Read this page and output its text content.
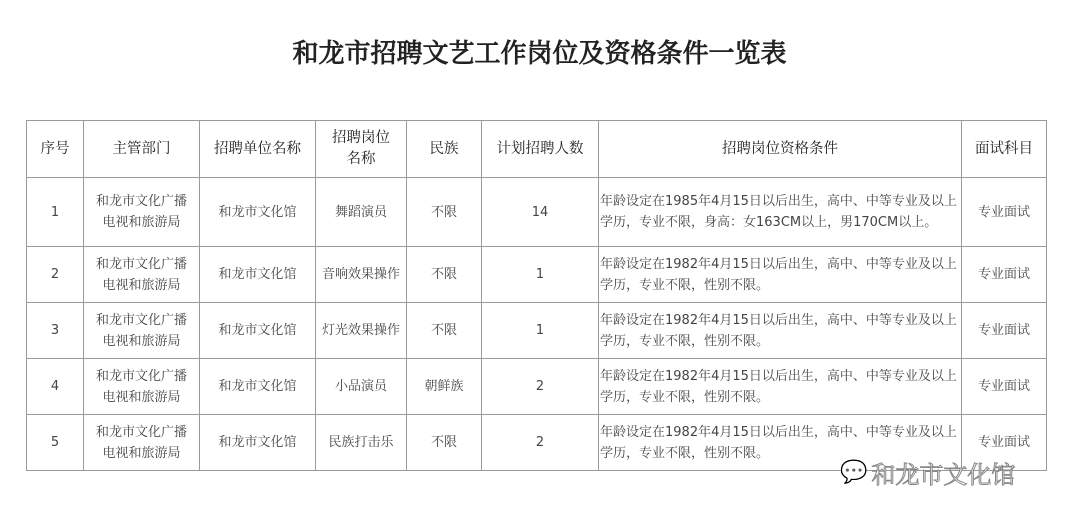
和龙市招聘文艺工作岗位及资格条件一览表
序号	主管部门	招聘单位名称	招聘岗位名称	民族	计划招聘人数	招聘岗位资格条件	面试科目
1	和龙市文化广播电视和旅游局	和龙市文化馆	舞蹈演员	不限	14	年龄设定在1985年4月15日以后出生，高中、中等专业及以上学历，专业不限，身高：女163CM以上，男170CM以上。	专业面试
2	和龙市文化广播电视和旅游局	和龙市文化馆	音响效果操作	不限	1	年龄设定在1982年4月15日以后出生，高中、中等专业及以上学历，专业不限，性别不限。	专业面试
3	和龙市文化广播电视和旅游局	和龙市文化馆	灯光效果操作	不限	1	年龄设定在1982年4月15日以后出生，高中、中等专业及以上学历，专业不限，性别不限。	专业面试
4	和龙市文化广播电视和旅游局	和龙市文化馆	小品演员	朝鲜族	2	年龄设定在1982年4月15日以后出生，高中、中等专业及以上学历，专业不限，性别不限。	专业面试
5	和龙市文化广播电视和旅游局	和龙市文化馆	民族打击乐	不限	2	年龄设定在1982年4月15日以后出生，高中、中等专业及以上学历，专业不限，性别不限。	专业面试
💬 和龙市文化馆
